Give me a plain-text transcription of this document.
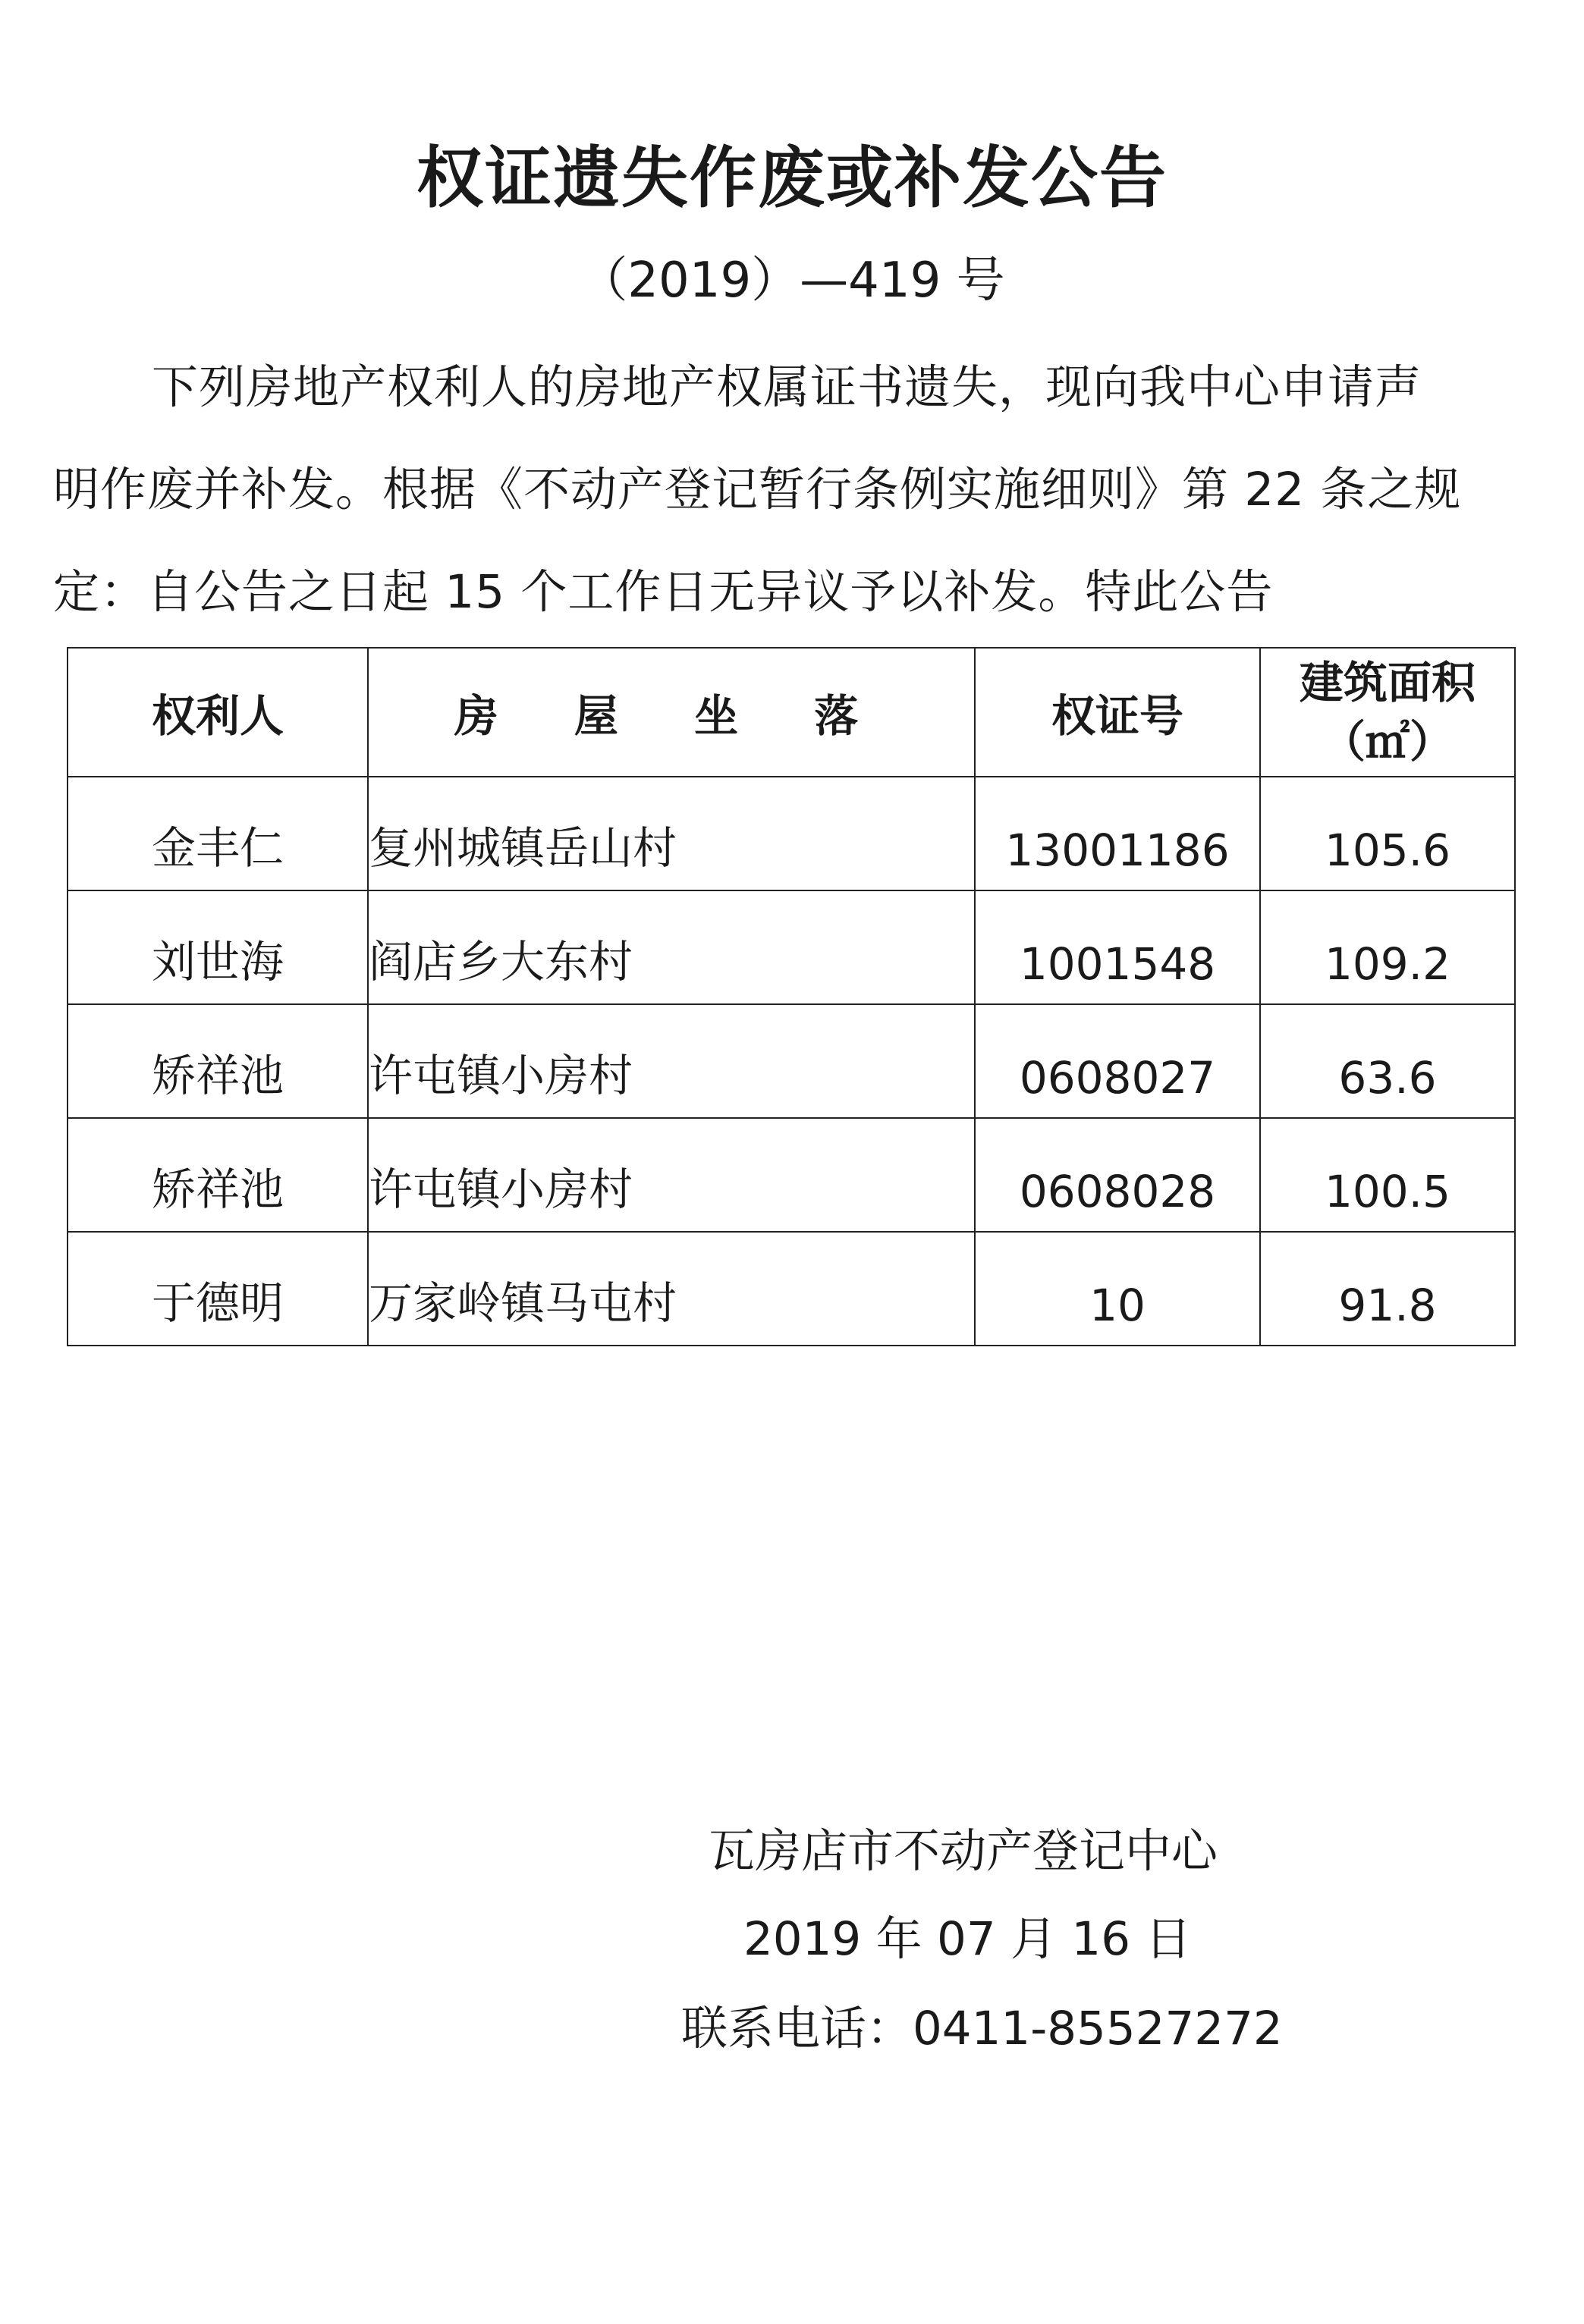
权证遗失作废或补发公告
（2019）—419 号
下列房地产权利人的房地产权属证书遗失，现向我中心申请声
明作废并补发。根据《不动产登记暂行条例实施细则》第 22 条之规
定：自公告之日起 15 个工作日无异议予以补发。特此公告
权利人	房 屋 坐 落	权证号	建筑面积
（㎡）

金丰仁	复州城镇岳山村	13001186	105.6
刘世海	阎店乡大东村	1001548	109.2
矫祥池	许屯镇小房村	0608027	63.6
矫祥池	许屯镇小房村	0608028	100.5
于德明	万家岭镇马屯村	10	91.8
瓦房店市不动产登记中心
2019 年 07 月 16 日
联系电话：0411-85527272
